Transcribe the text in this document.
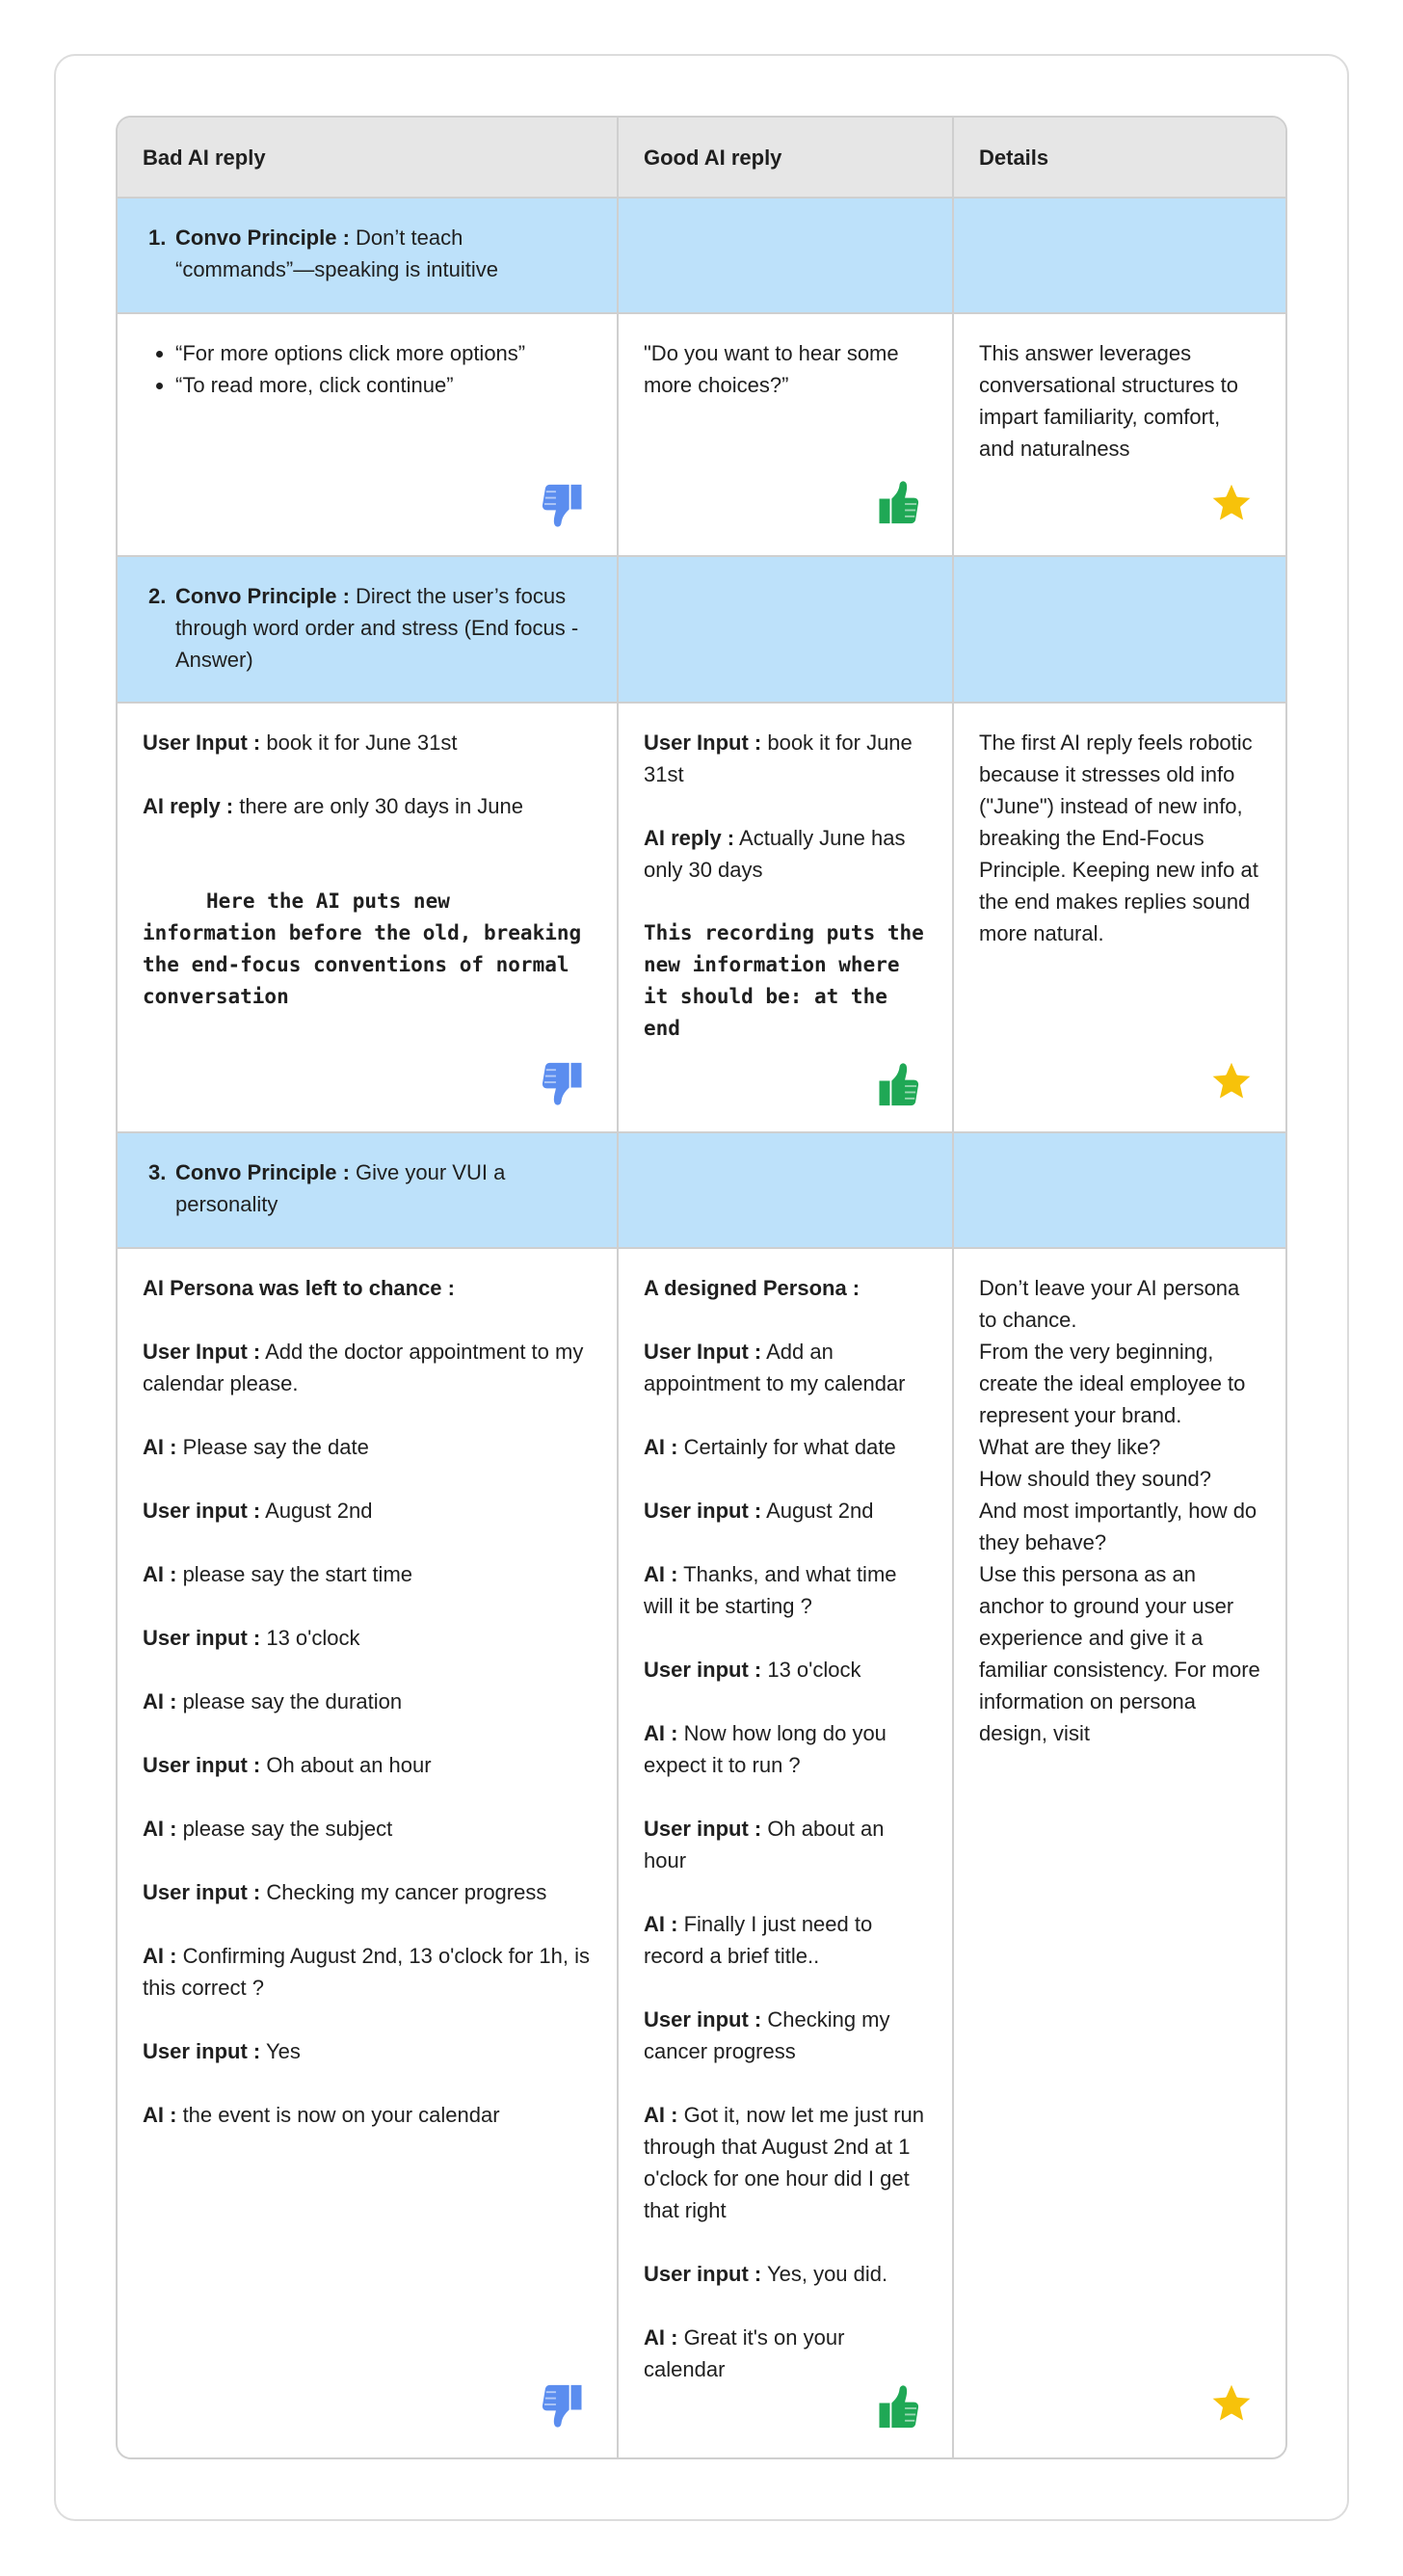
Bad AI reply	Good AI reply	Details
1. Convo Principle : Don’t teach “commands”—speaking is intuitive
• “For more options click more options”
• “To read more, click continue”

"Do you want to hear some more choices?”

This answer leverages conversational structures to impart familiarity, comfort, and naturalness

2. Convo Principle : Direct the user’s focus through word order and stress (End focus - Answer)

User Input : book it for June 31st

AI reply : there are only 30 days in June

Here the AI puts new information before the old, breaking the end-focus conventions of normal conversation

User Input : book it for June 31st

AI reply : Actually June has only 30 days

This recording puts the new information where it should be: at the end

The first AI reply feels robotic because it stresses old info ("June") instead of new info, breaking the End-Focus Principle. Keeping new info at the end makes replies sound more natural.

3. Convo Principle : Give your VUI a personality

AI Persona was left to chance :

User Input : Add the doctor appointment to my calendar please.

AI : Please say the date

User input : August 2nd

AI : please say the start time

User input : 13 o'clock

AI : please say the duration

User input : Oh about an hour

AI : please say the subject

User input : Checking my cancer progress

AI : Confirming August 2nd, 13 o'clock for 1h, is this correct ?

User input : Yes

AI : the event is now on your calendar

A designed Persona :

User Input : Add an appointment to my calendar

AI : Certainly for what date

User input : August 2nd

AI : Thanks, and what time will it be starting ?

User input : 13 o'clock

AI : Now how long do you expect it to run ?

User input : Oh about an hour

AI : Finally I just need to record a brief title..

User input : Checking my cancer progress

AI : Got it, now let me just run through that August 2nd at 1 o'clock for one hour did I get that right

User input : Yes, you did.

AI : Great it's on your calendar

Don’t leave your AI persona to chance.

From the very beginning, create the ideal employee to represent your brand.

What are they like?

How should they sound?

And most importantly, how do they behave?

Use this persona as an anchor to ground your user experience and give it a familiar consistency. For more information on persona design, visit
